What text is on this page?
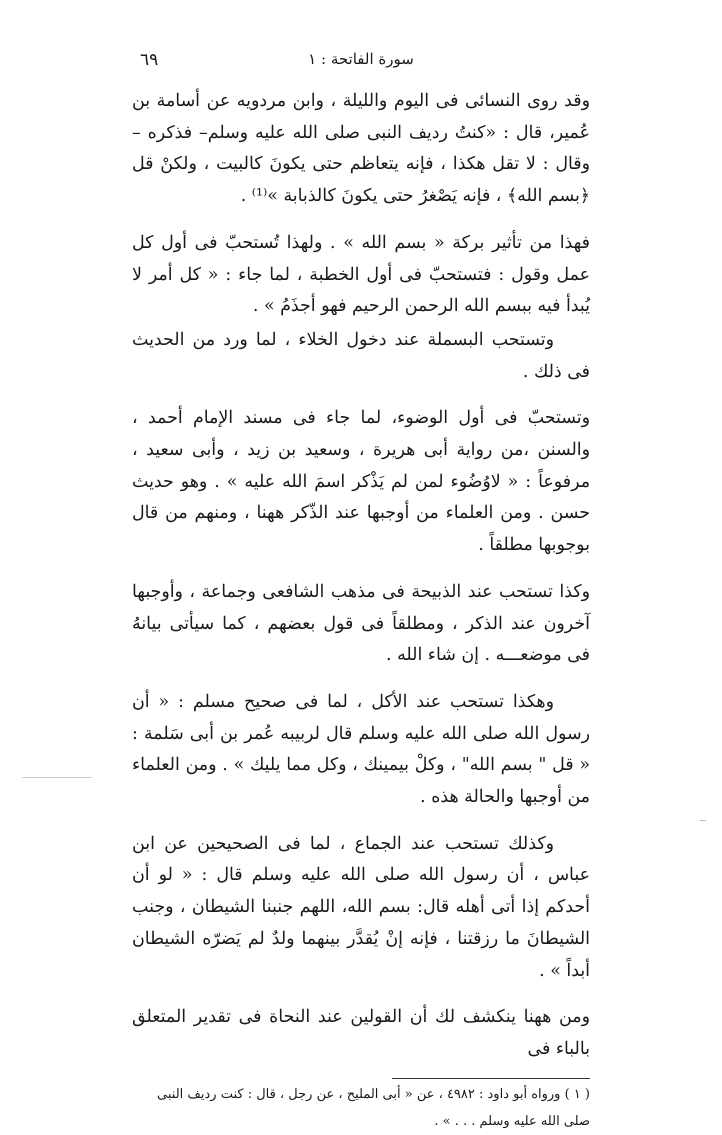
سورة الفاتحة : ١
٦٩

وقد روى النسائى فى اليوم والليلة ، وابن مردويه عن أسامة بن عُمير، قال : «كنتُ رديف النبى صلى الله عليه وسلم– فذكره – وقال : لا تقل هكذا ، فإنه يتعاظم حتى يكونَ كالبيت ، ولكنْ قل ﴿بسم الله﴾ ، فإنه يَصْغرُ حتى يكونَ كالذبابة »⁽¹⁾ .

فهذا من تأثير بركة « بسم الله » . ولهذا تُستحبّ فى أول كل عمل وقول : فتستحبّ فى أول الخطبة ، لما جاء : « كل أمر لا يُبدأ فيه ببسم الله الرحمن الرحيم فهو أجذَمُ » .

وتستحب البسملة عند دخول الخلاء ، لما ورد من الحديث فى ذلك .

وتستحبّ فى أول الوضوء، لما جاء فى مسند الإمام أحمد ، والسنن ،من رواية أبى هريرة ، وسعيد بن زيد ، وأبى سعيد ، مرفوعاً : « لاوُضُوء لمن لم يَذْكر اسمَ الله عليه » . وهو حديث حسن . ومن العلماء من أوجبها عند الذّكر ههنا ، ومنهم من قال بوجوبها مطلقاً .

وكذا تستحب عند الذبيحة فى مذهب الشافعى وجماعة ، وأوجبها آخرون عند الذكر ، ومطلقاً فى قول بعضهم ، كما سيأتى بيانهُ فى موضعـــه . إن شاء الله .

وهكذا تستحب عند الأكل ، لما فى صحيح مسلم : « أن رسول الله صلى الله عليه وسلم قال لربيبه عُمر بن أبى سَلمة : « قل " بسم الله" ، وكلْ بيمينك ، وكل مما يليك » . ومن العلماء من أوجبها والحالة هذه .

وكذلك تستحب عند الجماع ، لما فى الصحيحين عن ابن عباس ، أن رسول الله صلى الله عليه وسلم قال : « لو أن أحدكم إذا أتى أهله قال: بسم الله، اللهم جنبنا الشيطان ، وجنب الشيطانَ ما رزقتنا ، فإنه إنْ يُقدَّر بينهما ولدٌ لم يَضرّه الشيطان أبداً » .

ومن ههنا ينكشف لك أن القولين عند النحاة فى تقدير المتعلق بالباء فى

( ١ ) ورواه أبو داود : ٤٩٨٢ ، عن « أبى المليح ، عن رجل ، قال : كنت رديف النبى
صلى الله عليه وسلم . . . » .
